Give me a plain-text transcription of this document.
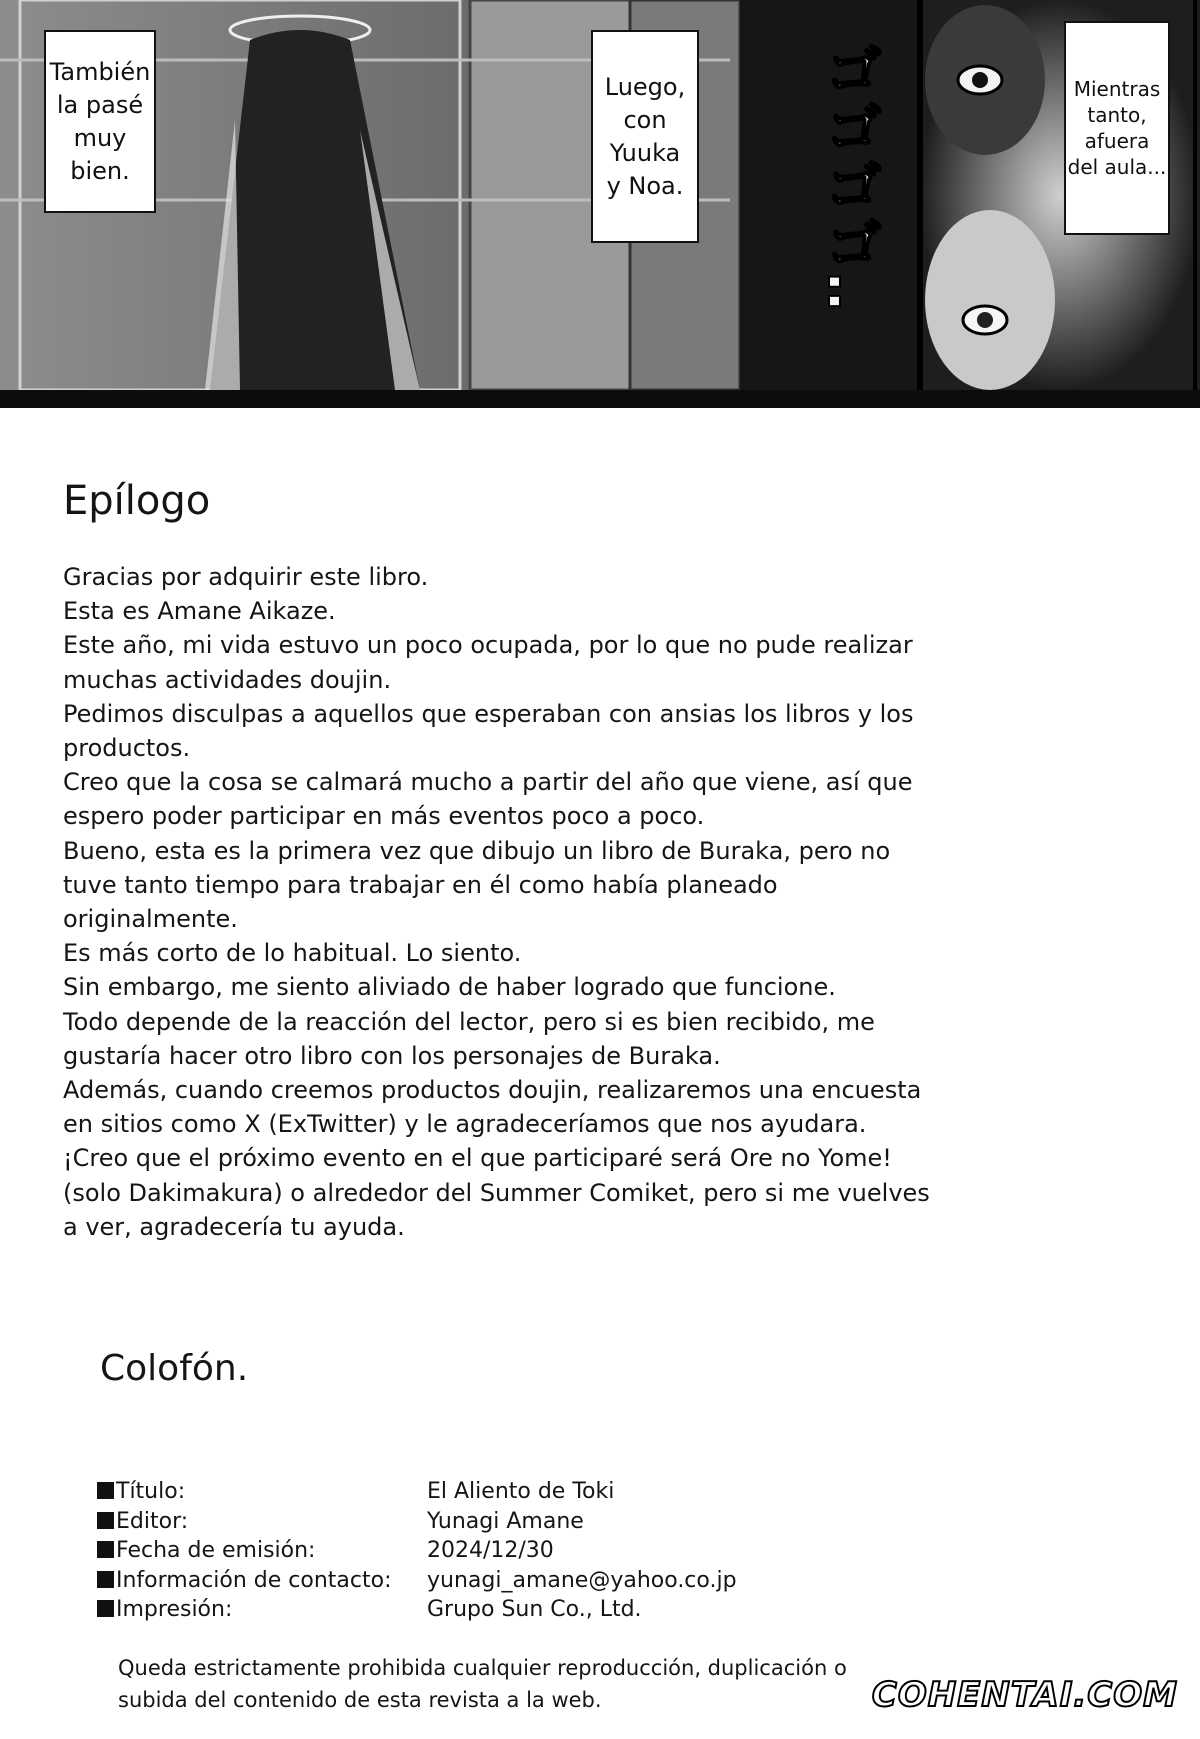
También
la pasé
muy
bien.
Luego,
con
Yuuka
y Noa.
Mientras
tanto,
afuera
del aula...
ゴゴゴゴ‥
Epílogo
Gracias por adquirir este libro.
Esta es Amane Aikaze.
Este año, mi vida estuvo un poco ocupada, por lo que no pude realizar
muchas actividades doujin.
Pedimos disculpas a aquellos que esperaban con ansias los libros y los
productos.
Creo que la cosa se calmará mucho a partir del año que viene, así que
espero poder participar en más eventos poco a poco.
Bueno, esta es la primera vez que dibujo un libro de Buraka, pero no
tuve tanto tiempo para trabajar en él como había planeado
originalmente.
Es más corto de lo habitual. Lo siento.
Sin embargo, me siento aliviado de haber logrado que funcione.
Todo depende de la reacción del lector, pero si es bien recibido, me
gustaría hacer otro libro con los personajes de Buraka.
Además, cuando creemos productos doujin, realizaremos una encuesta
en sitios como X (ExTwitter) y le agradeceríamos que nos ayudara.
¡Creo que el próximo evento en el que participaré será Ore no Yome!
(solo Dakimakura) o alrededor del Summer Comiket, pero si me vuelves
a ver, agradecería tu ayuda.
Colofón.
Título:	El Aliento de Toki
Editor:	Yunagi Amane
Fecha de emisión:	2024/12/30
Información de contacto:	yunagi_amane@yahoo.co.jp
Impresión:	Grupo Sun Co., Ltd.
Queda estrictamente prohibida cualquier reproducción, duplicación o
subida del contenido de esta revista a la web.	COHENTAI.COM
